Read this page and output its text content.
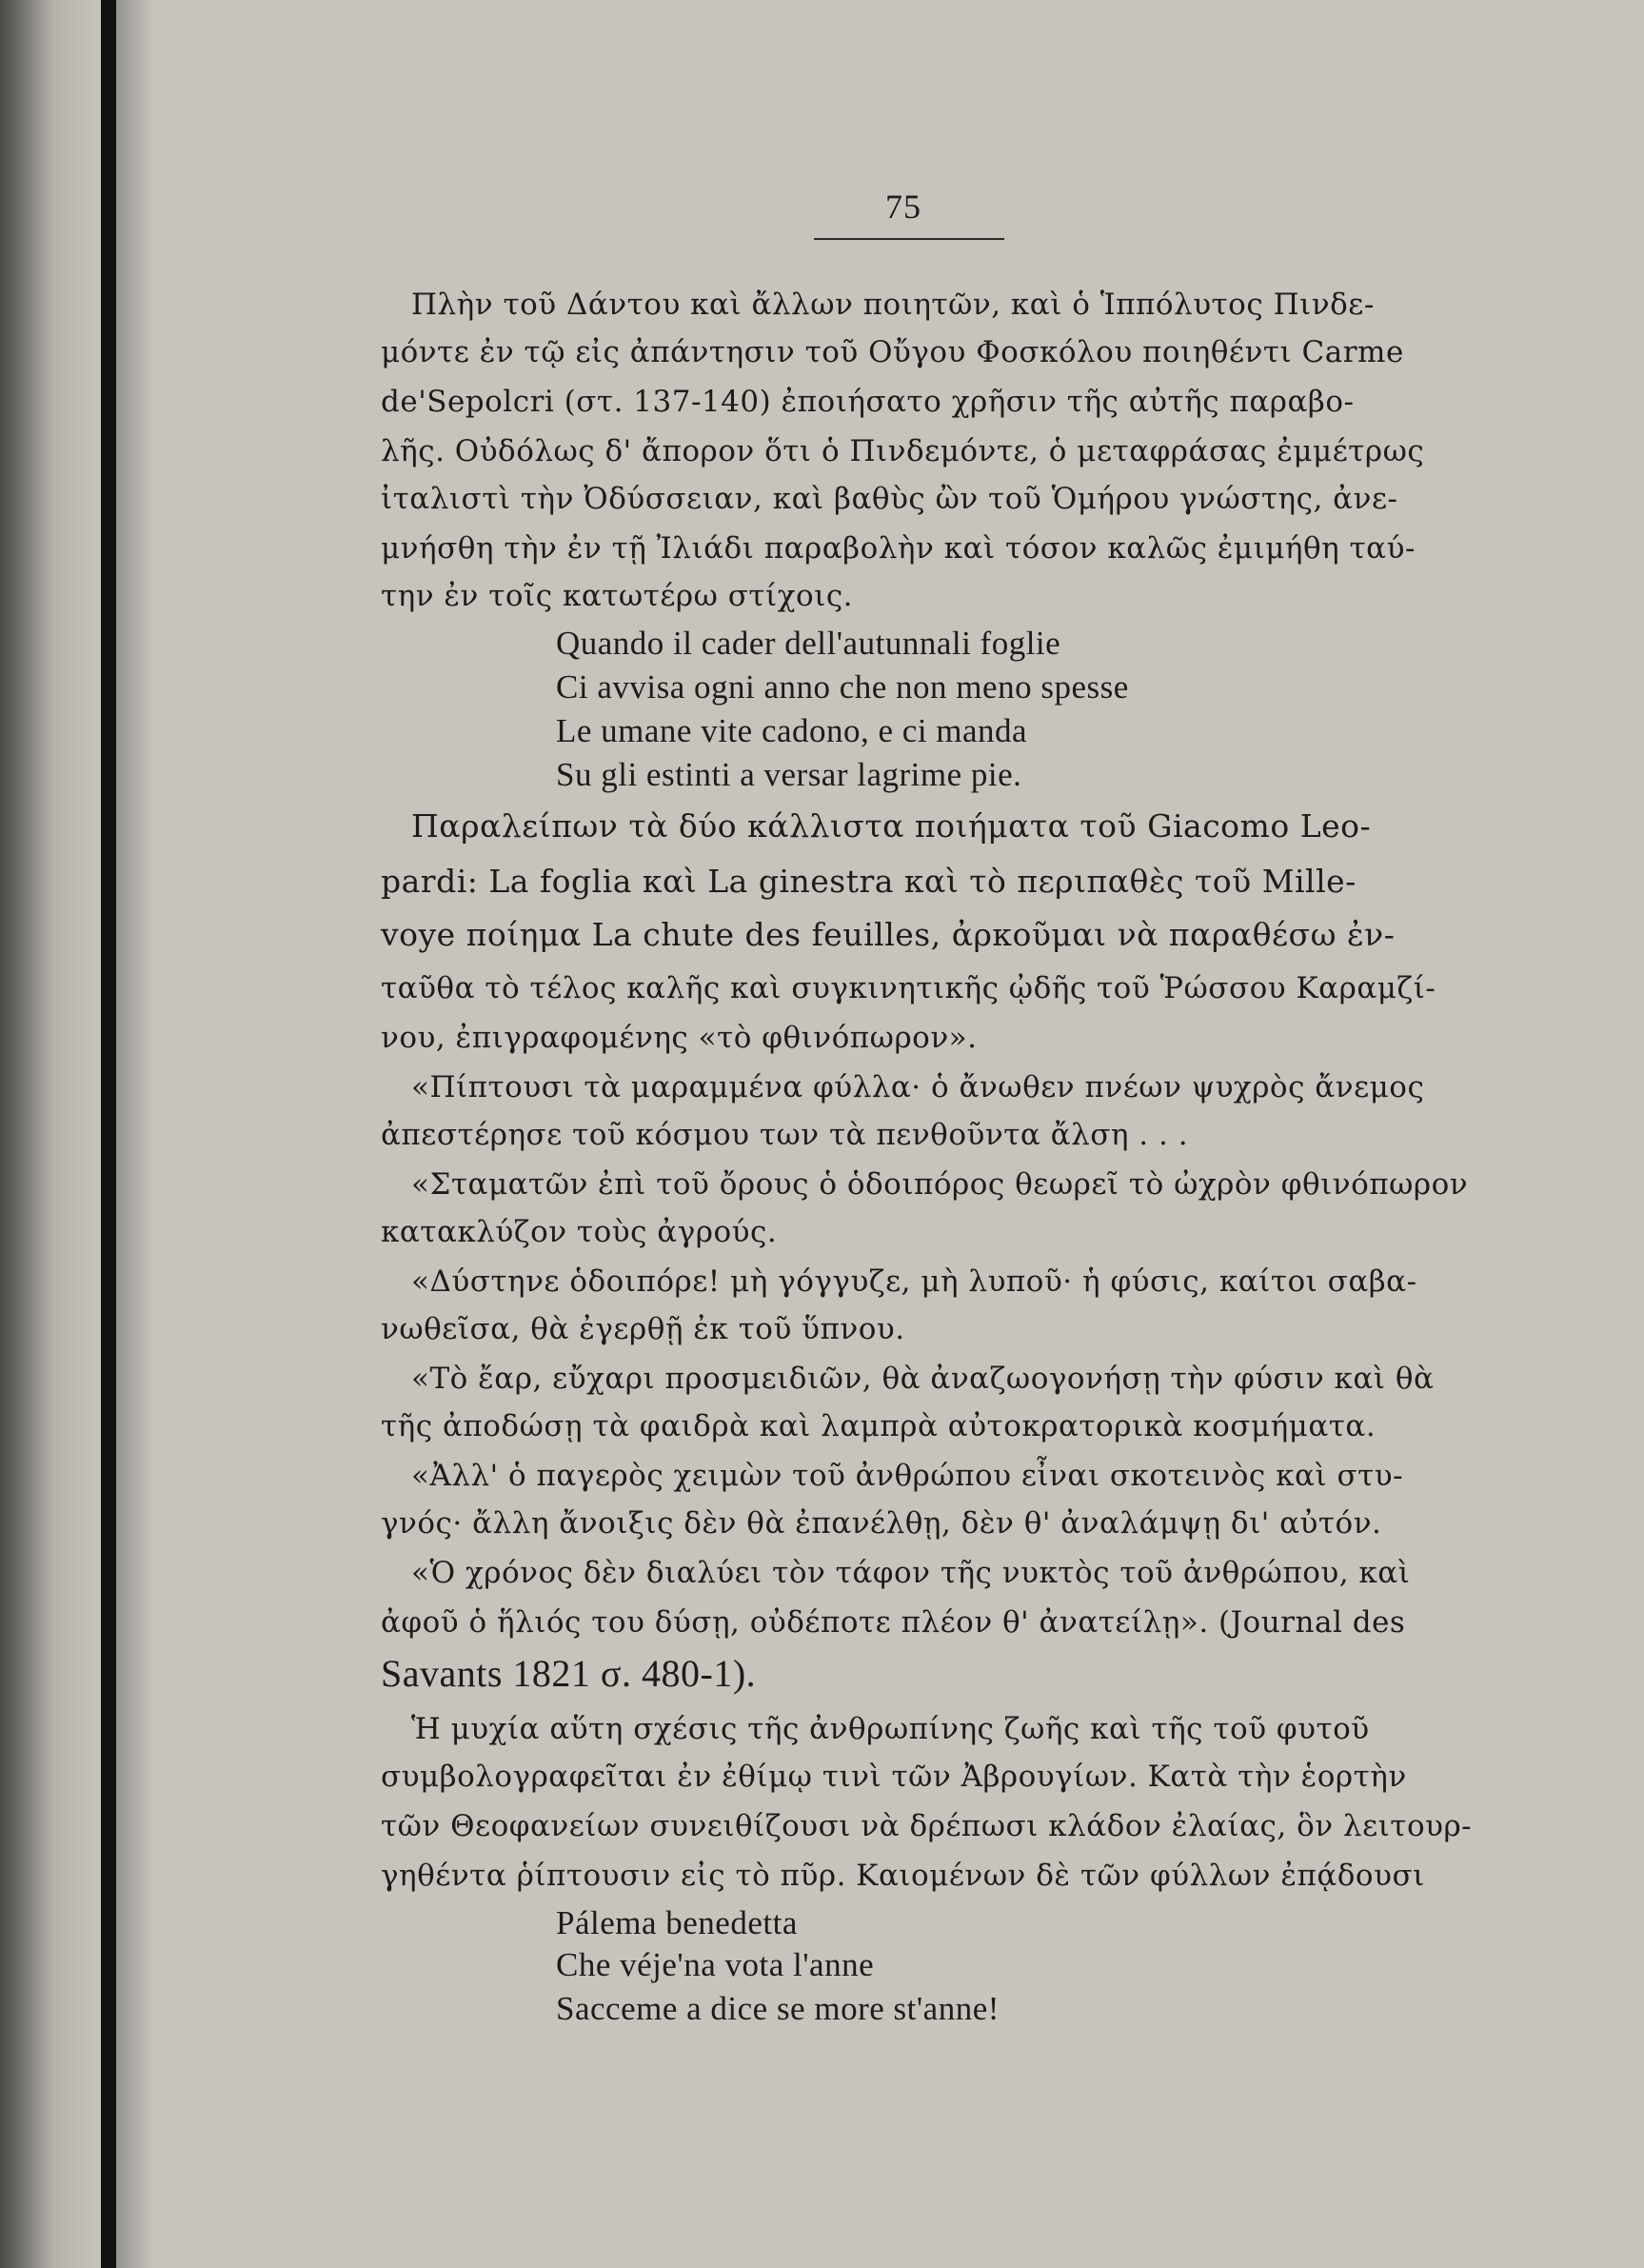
75
Πλὴν τοῦ Δάντου καὶ ἄλλων ποιητῶν, καὶ ὁ Ἱππόλυτος Πινδε-
μόντε ἐν τῷ εἰς ἀπάντησιν τοῦ Οὔγου Φοσκόλου ποιηθέντι Carme
de'Sepolcri (στ. 137-140) ἐποιήσατο χρῆσιν τῆς αὐτῆς παραβο-
λῆς. Οὐδόλως δ' ἄπορον ὅτι ὁ Πινδεμόντε, ὁ μεταφράσας ἐμμέτρως
ἰταλιστὶ τὴν Ὀδύσσειαν, καὶ βαθὺς ὢν τοῦ Ὁμήρου γνώστης, ἀνε-
μνήσθη τὴν ἐν τῇ Ἰλιάδι παραβολὴν καὶ τόσον καλῶς ἐμιμήθη ταύ-
την ἐν τοῖς κατωτέρω στίχοις.
Quando il cader dell'autunnali foglie
Ci avvisa ogni anno che non meno spesse
Le umane vite cadono, e ci manda
Su gli estinti a versar lagrime pie.
Παραλείπων τὰ δύο κάλλιστα ποιήματα τοῦ Giacomo Leo-
pardi: La foglia καὶ La ginestra καὶ τὸ περιπαθὲς τοῦ Mille-
voye ποίημα La chute des feuilles, ἀρκοῦμαι νὰ παραθέσω ἐν-
ταῦθα τὸ τέλος καλῆς καὶ συγκινητικῆς ᾠδῆς τοῦ Ῥώσσου Καραμζί-
νου, ἐπιγραφομένης «τὸ φθινόπωρον».
«Πίπτουσι τὰ μαραμμένα φύλλα· ὁ ἄνωθεν πνέων ψυχρὸς ἄνεμος
ἀπεστέρησε τοῦ κόσμου των τὰ πενθοῦντα ἄλση . . .
«Σταματῶν ἐπὶ τοῦ ὄρους ὁ ὁδοιπόρος θεωρεῖ τὸ ὠχρὸν φθινόπωρον
κατακλύζον τοὺς ἀγρούς.
«Δύστηνε ὁδοιπόρε! μὴ γόγγυζε, μὴ λυποῦ· ἡ φύσις, καίτοι σαβα-
νωθεῖσα, θὰ ἐγερθῇ ἐκ τοῦ ὕπνου.
«Τὸ ἔαρ, εὔχαρι προσμειδιῶν, θὰ ἀναζωογονήσῃ τὴν φύσιν καὶ θὰ
τῆς ἀποδώσῃ τὰ φαιδρὰ καὶ λαμπρὰ αὐτοκρατορικὰ κοσμήματα.
«Ἀλλ' ὁ παγερὸς χειμὼν τοῦ ἀνθρώπου εἶναι σκοτεινὸς καὶ στυ-
γνός· ἄλλη ἄνοιξις δὲν θὰ ἐπανέλθῃ, δὲν θ' ἀναλάμψῃ δι' αὐτόν.
«Ὁ χρόνος δὲν διαλύει τὸν τάφον τῆς νυκτὸς τοῦ ἀνθρώπου, καὶ
ἀφοῦ ὁ ἥλιός του δύσῃ, οὐδέποτε πλέον θ' ἀνατείλῃ». (Journal des
Savants 1821 σ. 480-1).
Ἡ μυχία αὕτη σχέσις τῆς ἀνθρωπίνης ζωῆς καὶ τῆς τοῦ φυτοῦ
συμβολογραφεῖται ἐν ἐθίμῳ τινὶ τῶν Ἀβρουγίων. Κατὰ τὴν ἑορτὴν
τῶν Θεοφανείων συνειθίζουσι νὰ δρέπωσι κλάδον ἐλαίας, ὃν λειτουρ-
γηθέντα ῥίπτουσιν εἰς τὸ πῦρ. Καιομένων δὲ τῶν φύλλων ἐπᾴδουσι
Pálema benedetta
Che véje'na vota l'anne
Sacceme a dice se more st'anne!
